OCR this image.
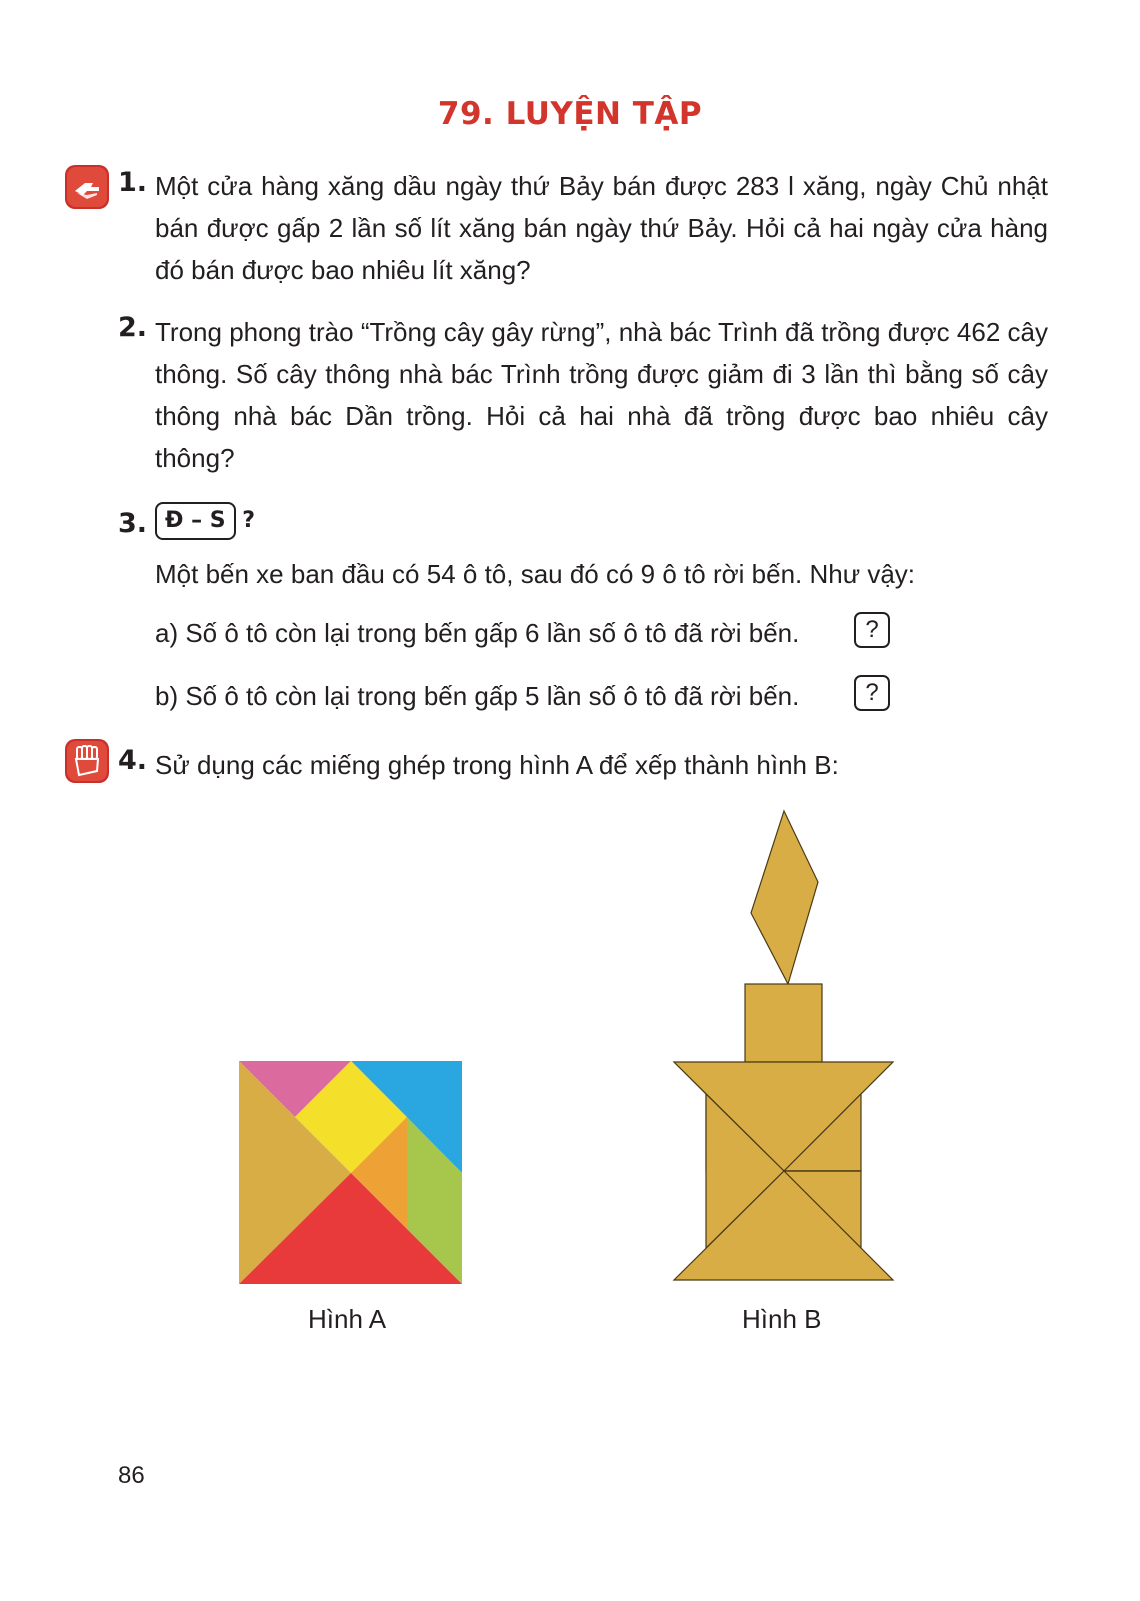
79. LUYỆN TẬP
1. Một cửa hàng xăng dầu ngày thứ Bảy bán được 283 l xăng, ngày Chủ nhật bán được gấp 2 lần số lít xăng bán ngày thứ Bảy. Hỏi cả hai ngày cửa hàng đó bán được bao nhiêu lít xăng?
2. Trong phong trào “Trồng cây gây rừng”, nhà bác Trình đã trồng được 462 cây thông. Số cây thông nhà bác Trình trồng được giảm đi 3 lần thì bằng số cây thông nhà bác Dần trồng. Hỏi cả hai nhà đã trồng được bao nhiêu cây thông?
3. Đ – S ?
Một bến xe ban đầu có 54 ô tô, sau đó có 9 ô tô rời bến. Như vậy:
a) Số ô tô còn lại trong bến gấp 6 lần số ô tô đã rời bến.	?
b) Số ô tô còn lại trong bến gấp 5 lần số ô tô đã rời bến.	?
4. Sử dụng các miếng ghép trong hình A để xếp thành hình B:
Hình A	Hình B
86
